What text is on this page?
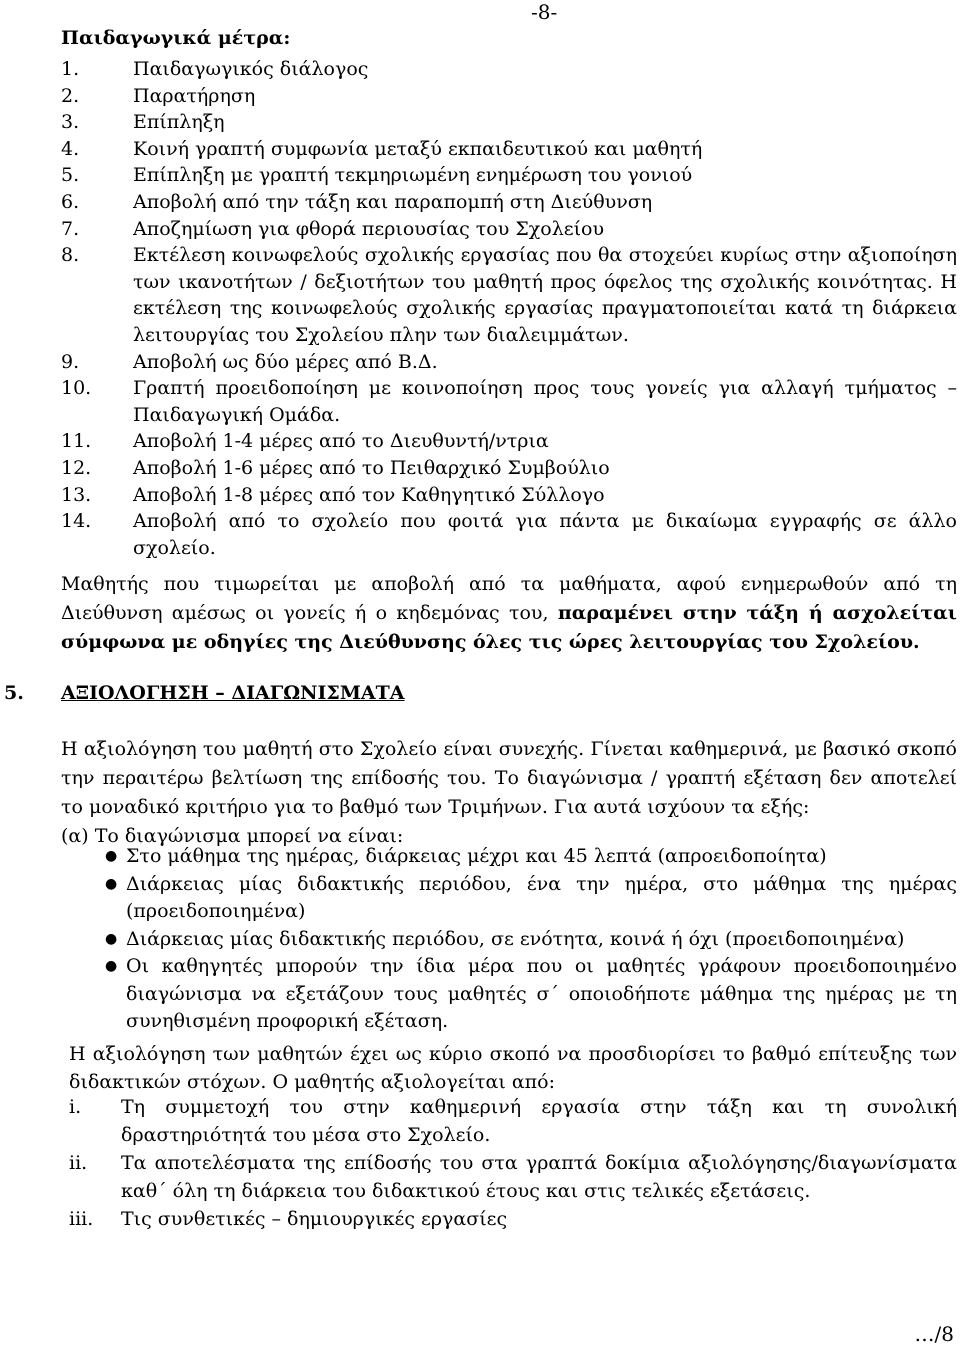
-8-
Παιδαγωγικά μέτρα:
1.	Παιδαγωγικός διάλογος
2.	Παρατήρηση
3.	Επίπληξη
4.	Κοινή γραπτή συμφωνία μεταξύ εκπαιδευτικού και μαθητή
5.	Επίπληξη με γραπτή τεκμηριωμένη ενημέρωση του γονιού
6.	Αποβολή από την τάξη και παραπομπή στη Διεύθυνση
7.	Αποζημίωση για φθορά περιουσίας του Σχολείου
8.	Εκτέλεση κοινωφελούς σχολικής εργασίας που θα στοχεύει κυρίως στην αξιοποίηση των ικανοτήτων / δεξιοτήτων του μαθητή προς όφελος της σχολικής κοινότητας. Η εκτέλεση της κοινωφελούς σχολικής εργασίας πραγματοποιείται κατά τη διάρκεια λειτουργίας του Σχολείου πλην των διαλειμμάτων.
9.	Αποβολή ως δύο μέρες από Β.Δ.
10.	Γραπτή προειδοποίηση με κοινοποίηση προς τους γονείς για αλλαγή τμήματος – Παιδαγωγική Ομάδα.
11.	Αποβολή 1-4 μέρες από το Διευθυντή/ντρια
12.	Αποβολή 1-6 μέρες από το Πειθαρχικό Συμβούλιο
13.	Αποβολή 1-8 μέρες από τον Καθηγητικό Σύλλογο
14.	Αποβολή από το σχολείο που φοιτά για πάντα με δικαίωμα εγγραφής σε άλλο σχολείο.
Μαθητής που τιμωρείται με αποβολή από τα μαθήματα, αφού ενημερωθούν από τη Διεύθυνση αμέσως οι γονείς ή ο κηδεμόνας του, παραμένει στην τάξη ή ασχολείται σύμφωνα με οδηγίες της Διεύθυνσης όλες τις ώρες λειτουργίας του Σχολείου.
5. ΑΞΙΟΛΟΓΗΣΗ – ΔΙΑΓΩΝΙΣΜΑΤΑ
Η αξιολόγηση του μαθητή στο Σχολείο είναι συνεχής. Γίνεται καθημερινά, με βασικό σκοπό την περαιτέρω βελτίωση της επίδοσής του. Το διαγώνισμα / γραπτή εξέταση δεν αποτελεί το μοναδικό κριτήριο για το βαθμό των Τριμήνων. Για αυτά ισχύουν τα εξής:
(α) Το διαγώνισμα μπορεί να είναι:
● Στο μάθημα της ημέρας, διάρκειας μέχρι και 45 λεπτά (απροειδοποίητα)
● Διάρκειας μίας διδακτικής περιόδου, ένα την ημέρα, στο μάθημα της ημέρας (προειδοποιημένα)
● Διάρκειας μίας διδακτικής περιόδου, σε ενότητα, κοινά ή όχι (προειδοποιημένα)
● Οι καθηγητές μπορούν την ίδια μέρα που οι μαθητές γράφουν προειδοποιημένο διαγώνισμα να εξετάζουν τους μαθητές σ΄ οποιοδήποτε μάθημα της ημέρας με τη συνηθισμένη προφορική εξέταση.
Η αξιολόγηση των μαθητών έχει ως κύριο σκοπό να προσδιορίσει το βαθμό επίτευξης των διδακτικών στόχων. Ο μαθητής αξιολογείται από:
i.	Τη συμμετοχή του στην καθημερινή εργασία στην τάξη και τη συνολική δραστηριότητά του μέσα στο Σχολείο.
ii.	Τα αποτελέσματα της επίδοσής του στα γραπτά δοκίμια αξιολόγησης/διαγωνίσματα καθ΄ όλη τη διάρκεια του διδακτικού έτους και στις τελικές εξετάσεις.
iii.	Τις συνθετικές – δημιουργικές εργασίες
…/8
